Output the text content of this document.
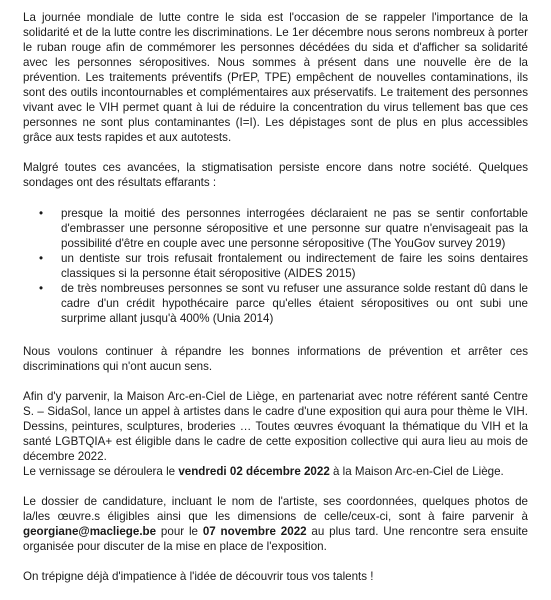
La journée mondiale de lutte contre le sida est l'occasion de se rappeler l'importance de la solidarité et de la lutte contre les discriminations. Le 1er décembre nous serons nombreux à porter le ruban rouge afin de commémorer les personnes décédées du sida et d'afficher sa solidarité avec les personnes séropositives. Nous sommes à présent dans une nouvelle ère de la prévention. Les traitements préventifs (PrEP, TPE) empêchent de nouvelles contaminations, ils sont des outils incontournables et complémentaires aux préservatifs. Le traitement des personnes vivant avec le VIH permet quant à lui de réduire la concentration du virus tellement bas que ces personnes ne sont plus contaminantes (I=I). Les dépistages sont de plus en plus accessibles grâce aux tests rapides et aux autotests.

Malgré toutes ces avancées, la stigmatisation persiste encore dans notre société. Quelques sondages ont des résultats effarants :

• presque la moitié des personnes interrogées déclaraient ne pas se sentir confortable d'embrasser une personne séropositive et une personne sur quatre n'envisageait pas la possibilité d'être en couple avec une personne séropositive (The YouGov survey 2019)
• un dentiste sur trois refusait frontalement ou indirectement de faire les soins dentaires classiques si la personne était séropositive (AIDES 2015)
• de très nombreuses personnes se sont vu refuser une assurance solde restant dû dans le cadre d'un crédit hypothécaire parce qu'elles étaient séropositives ou ont subi une surprime allant jusqu'à 400% (Unia 2014)

Nous voulons continuer à répandre les bonnes informations de prévention et arrêter ces discriminations qui n'ont aucun sens.

Afin d'y parvenir, la Maison Arc-en-Ciel de Liège, en partenariat avec notre référent santé Centre S. – SidaSol, lance un appel à artistes dans le cadre d'une exposition qui aura pour thème le VIH. Dessins, peintures, sculptures, broderies … Toutes œuvres évoquant la thématique du VIH et la santé LGBTQIA+ est éligible dans le cadre de cette exposition collective qui aura lieu au mois de décembre 2022.

Le vernissage se déroulera le vendredi 02 décembre 2022 à la Maison Arc-en-Ciel de Liège.

Le dossier de candidature, incluant le nom de l'artiste, ses coordonnées, quelques photos de la/les œuvre.s éligibles ainsi que les dimensions de celle/ceux-ci, sont à faire parvenir à georgiane@macliege.be pour le 07 novembre 2022 au plus tard. Une rencontre sera ensuite organisée pour discuter de la mise en place de l'exposition.

On trépigne déjà d'impatience à l'idée de découvrir tous vos talents !
